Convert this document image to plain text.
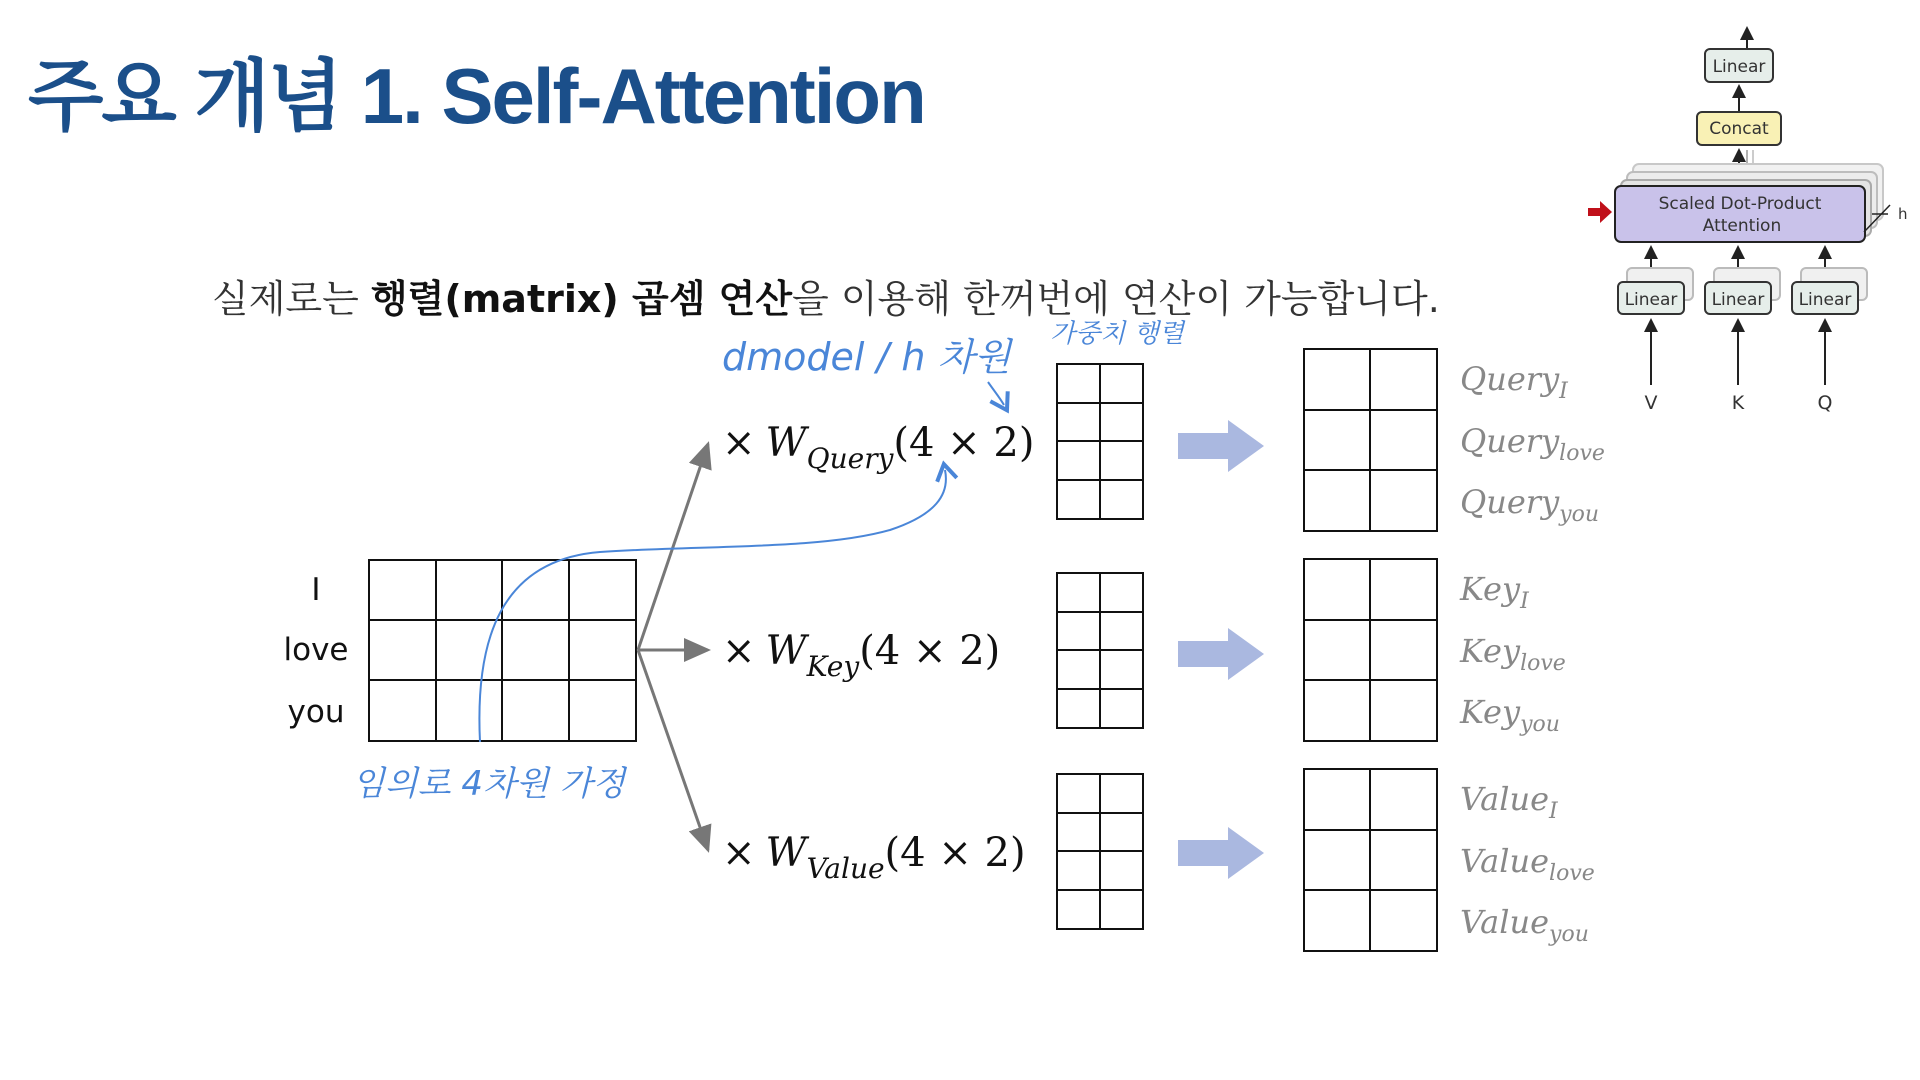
주요 개념 1. Self-Attention
실제로는 행렬(matrix) 곱셈 연산을 이용해 한꺼번에 연산이 가능합니다.
I
love
you
× $W_{Query}(4 \times 2)$
× $W_{Key}(4 \times 2)$
× $W_{Value}(4 \times 2)$
Query$_I$
Query$_{love}$
Query$_{you}$
Key$_I$
Key$_{love}$
Key$_{you}$
Value$_I$
Value$_{love}$
Value$_{you}$
dmodel / h 차원
가중치 행렬
임의로 4차원 가정
Linear
Concat
Scaled Dot-Product
Attention
h
Linear Linear Linear
V	K	Q
